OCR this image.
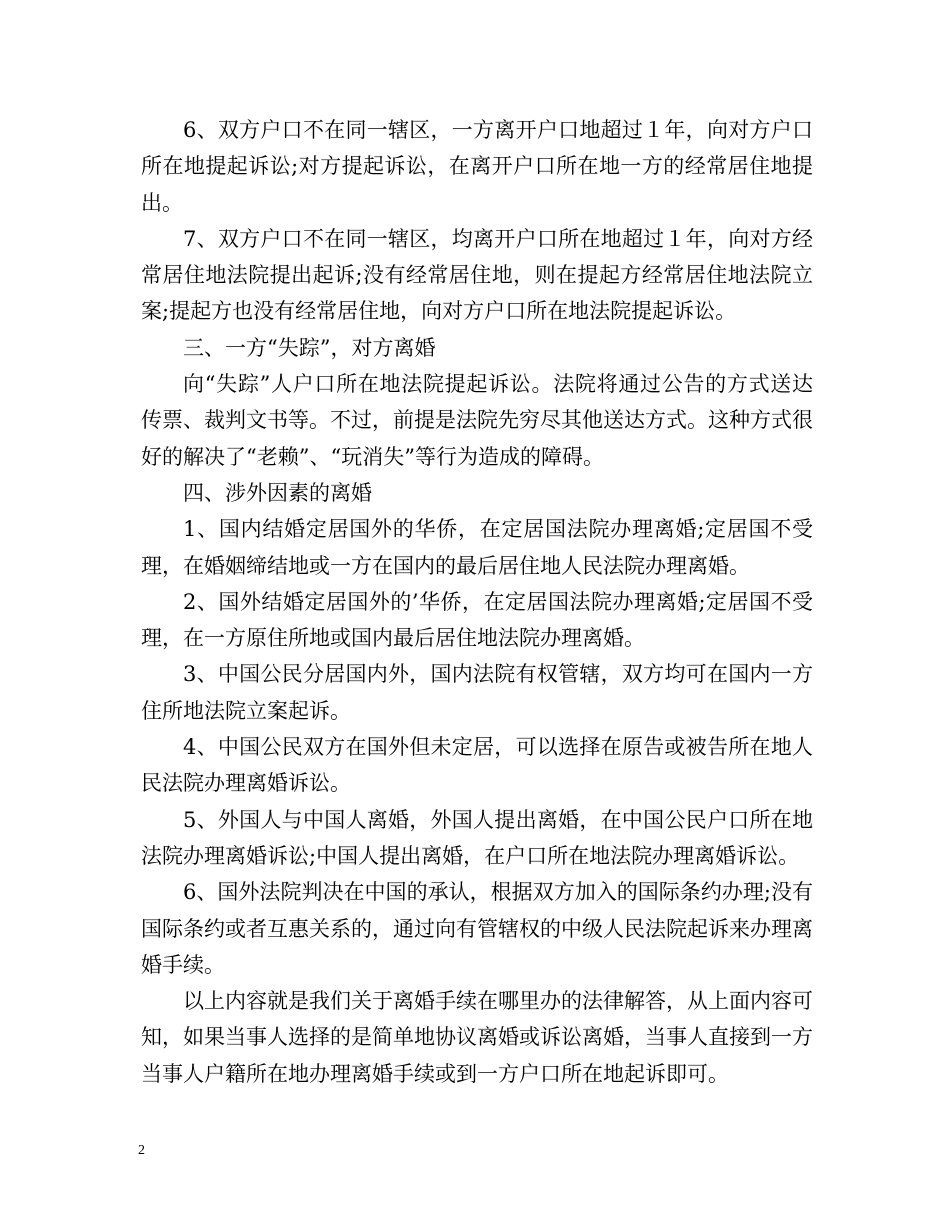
6、双方户口不在同一辖区，一方离开户口地超过１年，向对方户口所在地提起诉讼;对方提起诉讼，在离开户口所在地一方的经常居住地提出。

7、双方户口不在同一辖区，均离开户口所在地超过１年，向对方经常居住地法院提出起诉;没有经常居住地，则在提起方经常居住地法院立案;提起方也没有经常居住地，向对方户口所在地法院提起诉讼。

三、一方“失踪”，对方离婚

向“失踪”人户口所在地法院提起诉讼。法院将通过公告的方式送达传票、裁判文书等。不过，前提是法院先穷尽其他送达方式。这种方式很好的解决了“老赖”、“玩消失”等行为造成的障碍。

四、涉外因素的离婚

1、国内结婚定居国外的华侨，在定居国法院办理离婚;定居国不受理，在婚姻缔结地或一方在国内的最后居住地人民法院办理离婚。

2、国外结婚定居国外的’华侨，在定居国法院办理离婚;定居国不受理，在一方原住所地或国内最后居住地法院办理离婚。

3、中国公民分居国内外，国内法院有权管辖，双方均可在国内一方住所地法院立案起诉。

4、中国公民双方在国外但未定居，可以选择在原告或被告所在地人民法院办理离婚诉讼。

5、外国人与中国人离婚，外国人提出离婚，在中国公民户口所在地法院办理离婚诉讼;中国人提出离婚，在户口所在地法院办理离婚诉讼。

6、国外法院判决在中国的承认，根据双方加入的国际条约办理;没有国际条约或者互惠关系的，通过向有管辖权的中级人民法院起诉来办理离婚手续。

以上内容就是我们关于离婚手续在哪里办的法律解答，从上面内容可知，如果当事人选择的是简单地协议离婚或诉讼离婚，当事人直接到一方当事人户籍所在地办理离婚手续或到一方户口所在地起诉即可。

2
